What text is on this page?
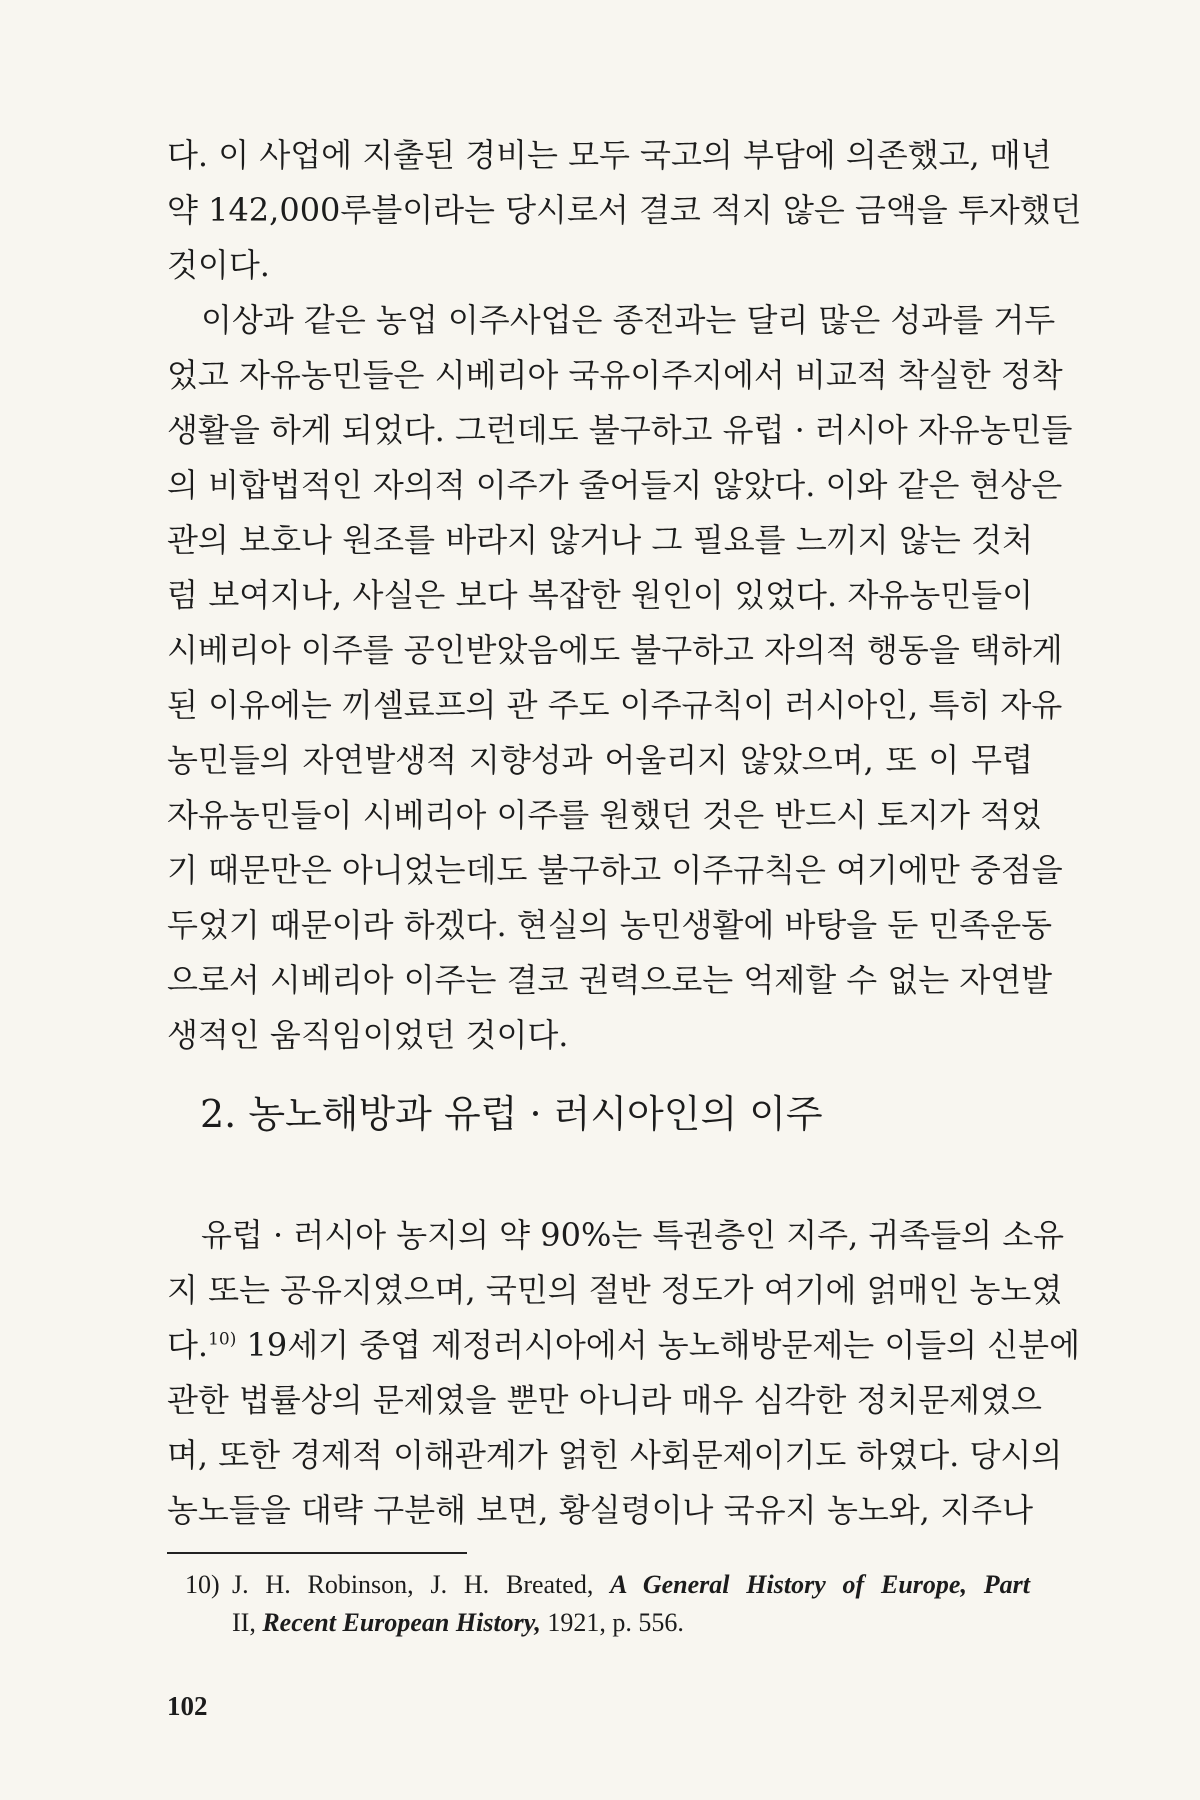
다. 이 사업에 지출된 경비는 모두 국고의 부담에 의존했고, 매년
약 142,000루블이라는 당시로서 결코 적지 않은 금액을 투자했던
것이다.
이상과 같은 농업 이주사업은 종전과는 달리 많은 성과를 거두
었고 자유농민들은 시베리아 국유이주지에서 비교적 착실한 정착
생활을 하게 되었다. 그런데도 불구하고 유럽 · 러시아 자유농민들
의 비합법적인 자의적 이주가 줄어들지 않았다. 이와 같은 현상은
관의 보호나 원조를 바라지 않거나 그 필요를 느끼지 않는 것처
럼 보여지나, 사실은 보다 복잡한 원인이 있었다. 자유농민들이
시베리아 이주를 공인받았음에도 불구하고 자의적 행동을 택하게
된 이유에는 끼셀료프의 관 주도 이주규칙이 러시아인, 특히 자유
농민들의 자연발생적 지향성과 어울리지 않았으며, 또 이 무렵
자유농민들이 시베리아 이주를 원했던 것은 반드시 토지가 적었
기 때문만은 아니었는데도 불구하고 이주규칙은 여기에만 중점을
두었기 때문이라 하겠다. 현실의 농민생활에 바탕을 둔 민족운동
으로서 시베리아 이주는 결코 권력으로는 억제할 수 없는 자연발
생적인 움직임이었던 것이다.
2. 농노해방과 유럽 · 러시아인의 이주
유럽 · 러시아 농지의 약 90%는 특권층인 지주, 귀족들의 소유
지 또는 공유지였으며, 국민의 절반 정도가 여기에 얽매인 농노였
다.$^{10)}$ 19세기 중엽 제정러시아에서 농노해방문제는 이들의 신분에
관한 법률상의 문제였을 뿐만 아니라 매우 심각한 정치문제였으
며, 또한 경제적 이해관계가 얽힌 사회문제이기도 하였다. 당시의
농노들을 대략 구분해 보면, 황실령이나 국유지 농노와, 지주나
10) J. H. Robinson, J. H. Breated, A General History of Europe, Part
II, Recent European History, 1921, p. 556.
102
